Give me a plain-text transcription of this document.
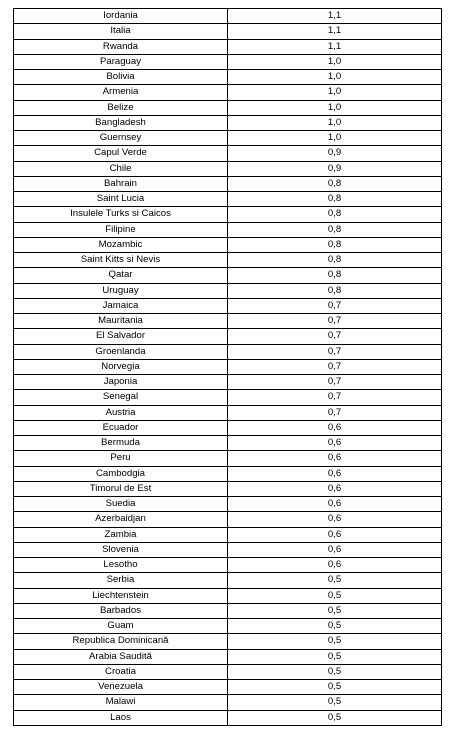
Iordania	1,1
Italia	1,1
Rwanda	1,1
Paraguay	1,0
Bolivia	1,0
Armenia	1,0
Belize	1,0
Bangladesh	1,0
Guernsey	1,0
Capul Verde	0,9
Chile	0,9
Bahrain	0,8
Saint Lucia	0,8
Insulele Turks si Caicos	0,8
Filipine	0,8
Mozambic	0,8
Saint Kitts si Nevis	0,8
Qatar	0,8
Uruguay	0,8
Jamaica	0,7
Mauritania	0,7
El Salvador	0,7
Groenlanda	0,7
Norvegia	0,7
Japonia	0,7
Senegal	0,7
Austria	0,7
Ecuador	0,6
Bermuda	0,6
Peru	0,6
Cambodgia	0,6
Timorul de Est	0,6
Suedia	0,6
Azerbaidjan	0,6
Zambia	0,6
Slovenia	0,6
Lesotho	0,6
Serbia	0,5
Liechtenstein	0,5
Barbados	0,5
Guam	0,5
Republica Dominicană	0,5
Arabia Saudită	0,5
Croatia	0,5
Venezuela	0,5
Malawi	0,5
Laos	0,5
